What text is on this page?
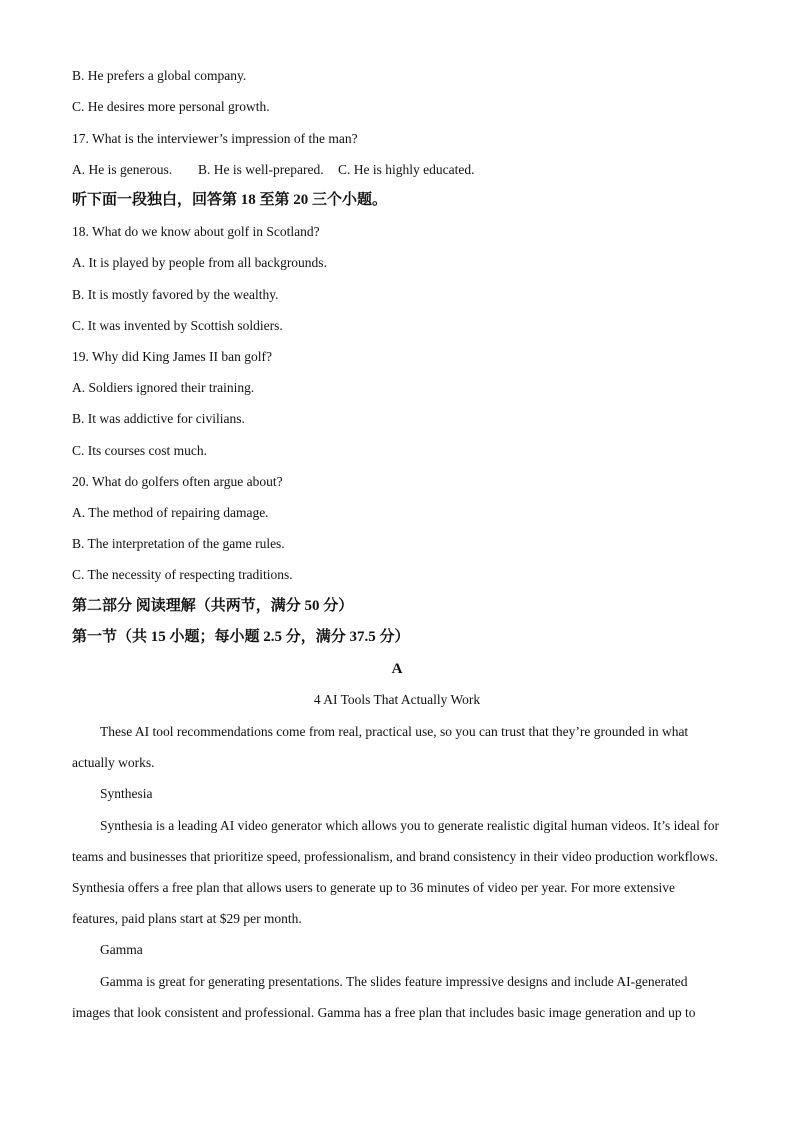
B. He prefers a global company.
C. He desires more personal growth.
17. What is the interviewer’s impression of the man?
A. He is generous. B. He is well-prepared. C. He is highly educated.
听下面一段独白，回答第 18 至第 20 三个小题。
18. What do we know about golf in Scotland?
A. It is played by people from all backgrounds.
B. It is mostly favored by the wealthy.
C. It was invented by Scottish soldiers.
19. Why did King James II ban golf?
A. Soldiers ignored their training.
B. It was addictive for civilians.
C. Its courses cost much.
20. What do golfers often argue about?
A. The method of repairing damage.
B. The interpretation of the game rules.
C. The necessity of respecting traditions.
第二部分 阅读理解（共两节，满分 50 分）
第一节（共 15 小题；每小题 2.5 分，满分 37.5 分）
A
4 AI Tools That Actually Work
These AI tool recommendations come from real, practical use, so you can trust that they’re grounded in what actually works.
Synthesia
Synthesia is a leading AI video generator which allows you to generate realistic digital human videos. It’s ideal for teams and businesses that prioritize speed, professionalism, and brand consistency in their video production workflows. Synthesia offers a free plan that allows users to generate up to 36 minutes of video per year. For more extensive features, paid plans start at $29 per month.
Gamma
Gamma is great for generating presentations. The slides feature impressive designs and include AI-generated images that look consistent and professional. Gamma has a free plan that includes basic image generation and up to
